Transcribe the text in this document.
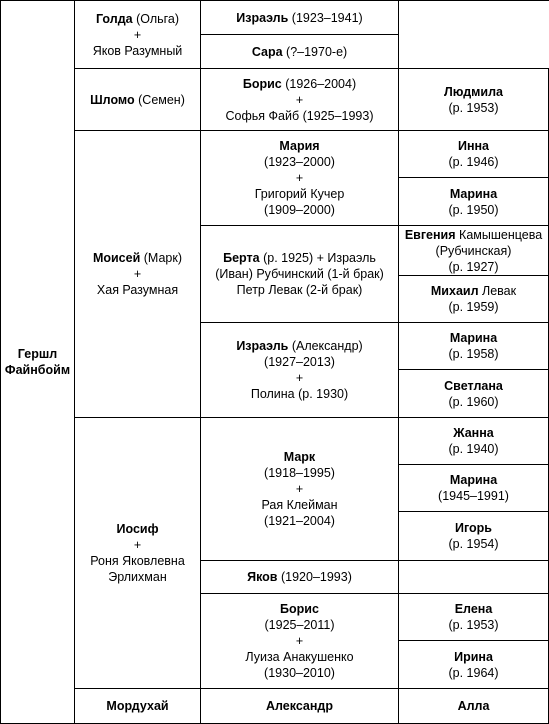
Гершл
Файнбойм
Голда (Ольга)
+
Яков Разумный
Шломо (Семен)
Моисей (Марк)
+
Хая Разумная
Иосиф
+
Роня Яковлевна
Эрлихман
Мордухай
Израэль (1923–1941)
Сара (?–1970-е)
Борис (1926–2004)
+
Софья Файб (1925–1993)
Мария
(1923–2000)
+
Григорий Кучер
(1909–2000)
Берта (р. 1925) + Израэль
(Иван) Рубчинский (1-й брак)
Петр Левак (2-й брак)
Израэль (Александр)
(1927–2013)
+
Полина (р. 1930)
Марк
(1918–1995)
+
Рая Клейман
(1921–2004)
Яков (1920–1993)
Борис
(1925–2011)
+
Луиза Анакушенко
(1930–2010)
Александр
Людмила
(р. 1953)
Инна
(р. 1946)
Марина
(р. 1950)
Евгения Камышенцева
(Рубчинская)
(р. 1927)
Михаил Левак
(р. 1959)
Марина
(р. 1958)
Светлана
(р. 1960)
Жанна
(р. 1940)
Марина
(1945–1991)
Игорь
(р. 1954)
Елена
(р. 1953)
Ирина
(р. 1964)
Алла
